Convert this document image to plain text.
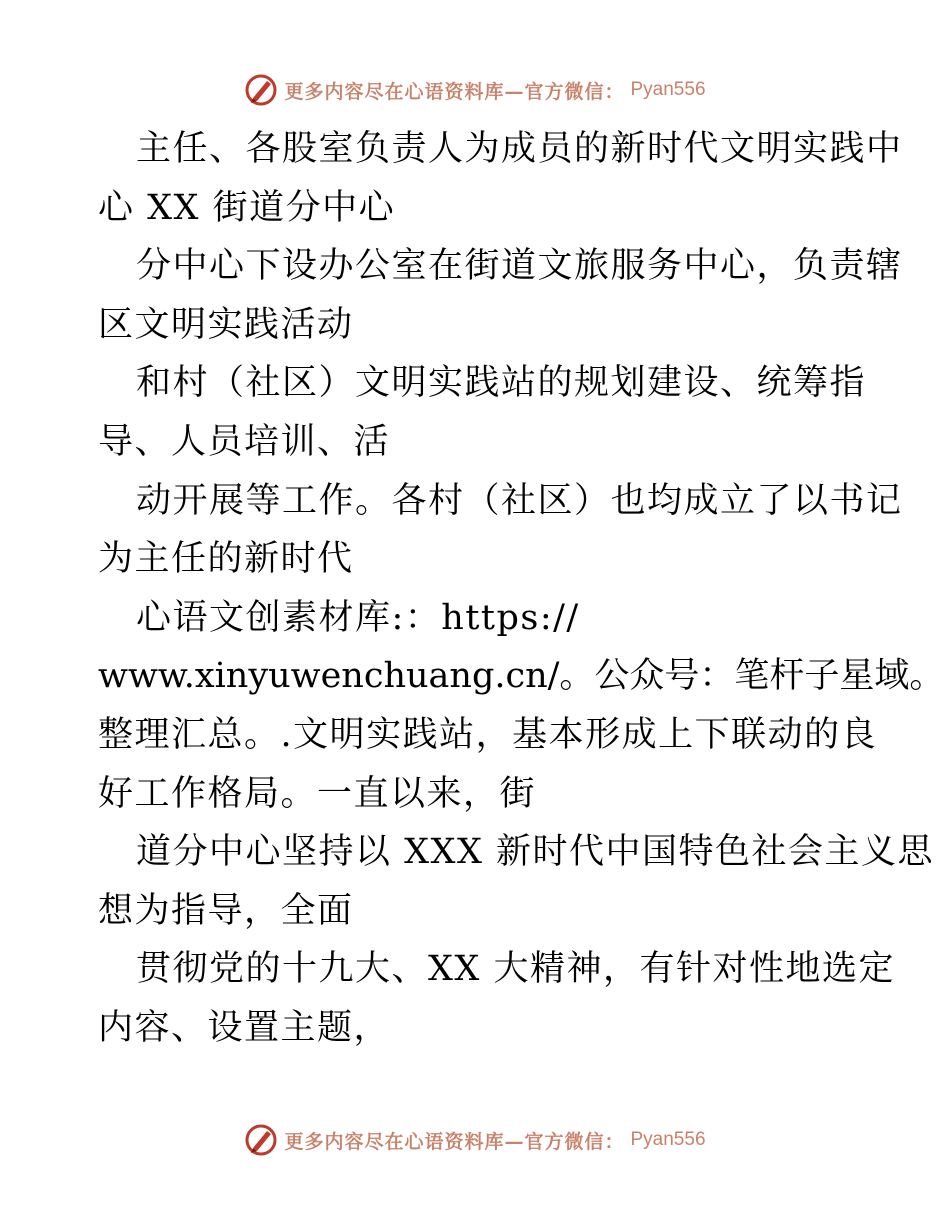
更多内容尽在心语资料库—官方微信： Pyan556
主任、各股室负责人为成员的新时代文明实践中
心 XX 街道分中心
分中心下设办公室在街道文旅服务中心，负责辖
区文明实践活动
和村（社区）文明实践站的规划建设、统筹指
导、人员培训、活
动开展等工作。各村（社区）也均成立了以书记
为主任的新时代
心语文创素材库:：https://
www.xinyuwenchuang.cn/。公众号：笔杆子星域。
整理汇总。.文明实践站，基本形成上下联动的良
好工作格局。一直以来，街
道分中心坚持以 XXX 新时代中国特色社会主义思
想为指导，全面
贯彻党的十九大、XX 大精神，有针对性地选定
内容、设置主题，
更多内容尽在心语资料库—官方微信： Pyan556
